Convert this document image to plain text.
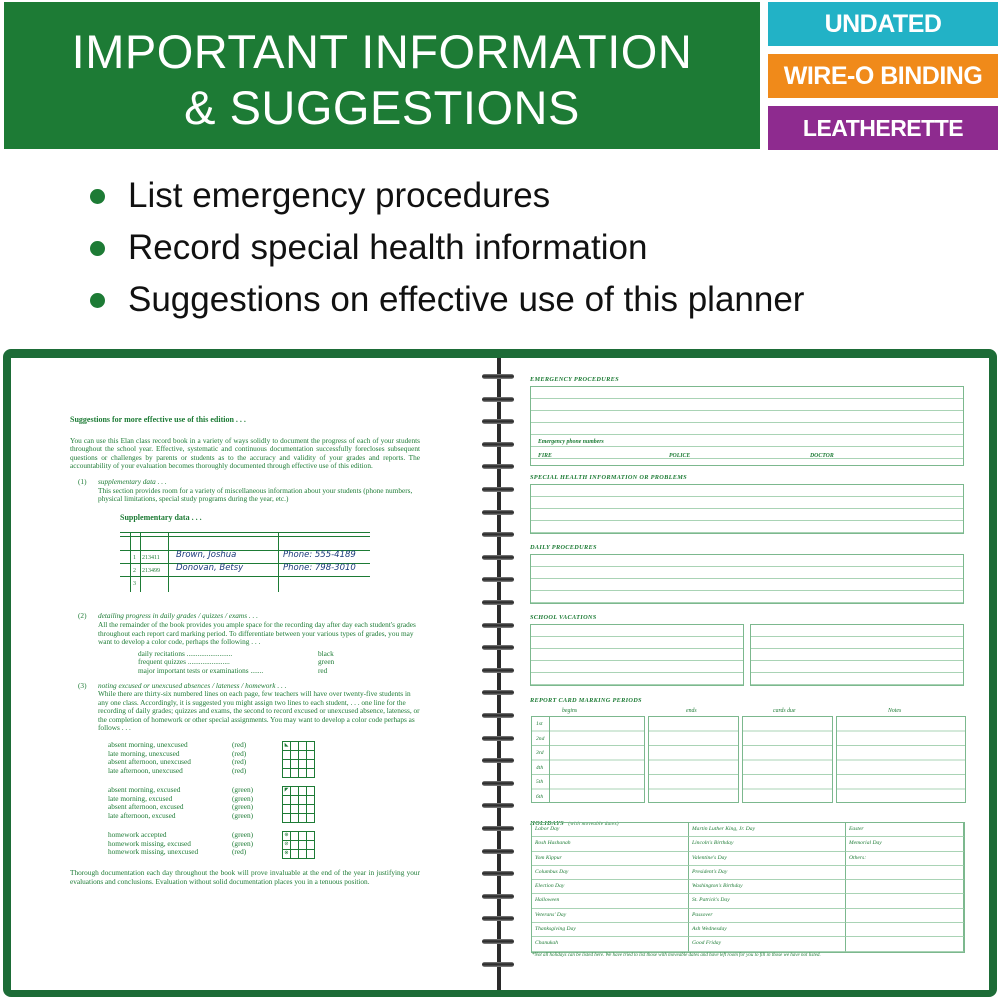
IMPORTANT INFORMATION
& SUGGESTIONS
UNDATED
WIRE-O BINDING
LEATHERETTE COVER
List emergency procedures
Record special health information
Suggestions on effective use of this planner
Suggestions for more effective use of this edition . . .

You can use this Elan class record book in a variety of ways solidly to document the progress of each of your students throughout the school year. Effective, systematic and continuous documentation successfully forecloses subsequent questions or challenges by parents or students as to the accuracy and validity of your grades and reports. The accountability of your evaluation becomes thoroughly documented through effective use of this edition.

(1) supplementary data . . .
This section provides room for a variety of miscellaneous information about your students (phone numbers, physical limitations, special study programs during the year, etc.)
Supplementary data . . .
1 213411 Brown, Joshua	Phone: 555-4189
2 213499 Donovan, Betsy	Phone: 798-3010
3
(2) detailing progress in daily grades / quizzes / exams . . .
All the remainder of the book provides you ample space for the recording day after day each student's grades throughout each report card marking period. To differentiate between your various types of grades, you may want to develop a color code, perhaps the following . . .
daily recitations .........................	black
frequent quizzes .......................	green
major important tests or examinations .......	red
(3) noting excused or unexcused absences / lateness / homework . . .
While there are thirty-six numbered lines on each page, few teachers will have over twenty-five students in any one class. Accordingly, it is suggested you might assign two lines to each student, . . . one line for the recording of daily grades; quizzes and exams, the second to record excused or unexcused absence, lateness, or the completion of homework or other special assignments. You may want to develop a color code perhaps as follows . . .
absent morning, unexcused	(red)
late morning, unexcused	(red)
absent afternoon, unexcused	(red)
late afternoon, unexcused	(red)
◣
absent morning, excused	(green)
late morning, excused	(green)
absent afternoon, excused	(green)
late afternoon, excused	(green)
◤
homework accepted	(green)
homework missing, excused	(green)
homework missing, unexcused	(red)
⊕
⊘
⊗

Thorough documentation each day throughout the book will prove invaluable at the end of the year in justifying your evaluations and conclusions. Evaluation without solid documentation places you in a tenuous position.

EMERGENCY PROCEDURES
Emergency phone numbers
FIRE	POLICE	DOCTOR
SPECIAL HEALTH INFORMATION OR PROBLEMS
DAILY PROCEDURES
SCHOOL VACATIONS
REPORT CARD MARKING PERIODS
begins	ends	cards due	Notes
1st
2nd
3rd
4th
5th
6th
HOLIDAYS (with moveable dates)
Labor Day	Martin Luther King, Jr. Day	Easter
Rosh Hashanah	Lincoln's Birthday	Memorial Day
Yom Kippur	Valentine's Day	Others:
Columbus Day	President's Day
Election Day	Washington's Birthday
Halloween	St. Patrick's Day
Veterans' Day	Passover
Thanksgiving Day	Ash Wednesday
Chanukah	Good Friday
*Not all holidays can be listed here. We have tried to list those with moveable dates and have left room for you to fill in those we have not listed.
